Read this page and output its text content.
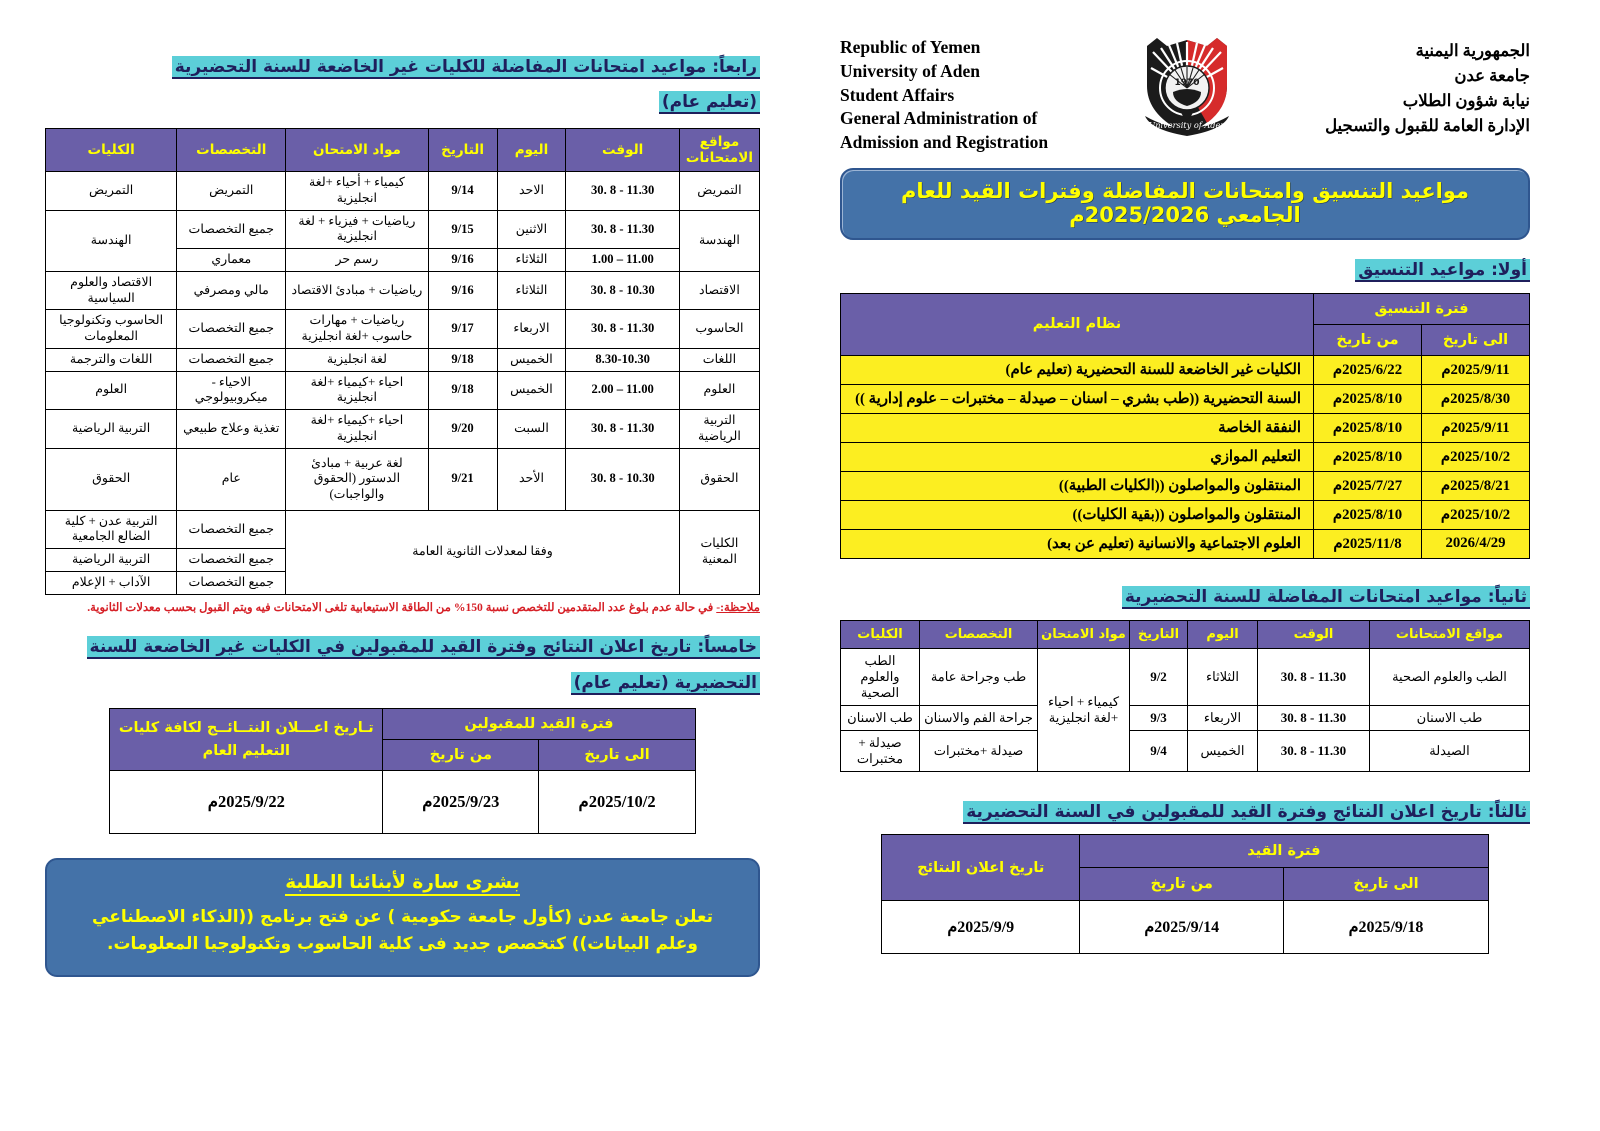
الجمهورية اليمنية
جامعة عدن
نيابة شؤون الطلاب
الإدارة العامة للقبول والتسجيل
1970
University of Aden
Republic of Yemen
University of Aden
Student Affairs
General Administration of
Admission and Registration
مواعيد التنسيق وامتحانات المفاضلة وفترات القيد للعام الجامعي 2025/2026م
أولا: مواعيد التنسيق
فترة التنسيق		نظام التعليم
الى تاريخ	من تاريخ	
2025/9/11م	2025/6/22م	الكليات غير الخاضعة للسنة التحضيرية (تعليم عام)
2025/8/30م	2025/8/10م	السنة التحضيرية ((طب بشري – اسنان – صيدلة – مختبرات – علوم إدارية ))
2025/9/11م	2025/8/10م	النفقة الخاصة
2025/10/2م	2025/8/10م	التعليم الموازي
2025/8/21م	2025/7/27م	المنتقلون والمواصلون ((الكليات الطبية))
2025/10/2م	2025/8/10م	المنتقلون والمواصلون ((بقية الكليات))
2026/4/29	2025/11/8م	العلوم الاجتماعية والانسانية (تعليم عن بعد)
ثانياً: مواعيد امتحانات المفاضلة للسنة التحضيرية
مواقع الامتحانات	الوقت	اليوم	التاريخ	مواد الامتحان	التخصصات	الكليات
الطب والعلوم الصحية	11.30 - 8 .30	الثلاثاء	9/2	كيمياء + احياء +لغة انجليزية	طب وجراحة عامة	الطب والعلوم الصحية
طب الاسنان	11.30 - 8 .30	الاربعاء	9/3		جراحة الفم والاسنان	طب الاسنان
الصيدلة	11.30 - 8 .30	الخميس	9/4		صيدلة +مختبرات	صيدلة + مختبرات
ثالثاً: تاريخ اعلان النتائج وفترة القيد للمقبولين في السنة التحضيرية
فترة القيد		تاريخ اعلان النتائج
الى تاريخ	من تاريخ	
2025/9/18م	2025/9/14م	2025/9/9م
رابعاً: مواعيد امتحانات المفاضلة للكليات غير الخاضعة للسنة التحضيرية
(تعليم عام)
مواقع الامتحانات	الوقت	اليوم	التاريخ	مواد الامتحان	التخصصات	الكليات
التمريض	11.30 - 8 .30	الاحد	9/14	كيمياء + أحياء +لغة انجليزية	التمريض	التمريض
الهندسة	11.30 - 8 .30	الاثنين	9/15	رياضيات + فيزياء + لغة انجليزية	جميع التخصصات	الهندسة
	11.00 – 1.00	الثلاثاء	9/16	رسم حر	معماري	
الاقتصاد	10.30 - 8 .30	الثلاثاء	9/16	رياضيات + مبادئ الاقتصاد	مالي ومصرفي	الاقتصاد والعلوم السياسية
الحاسوب	11.30 - 8 .30	الاربعاء	9/17	رياضيات + مهارات حاسوب +لغة انجليزية	جميع التخصصات	الحاسوب وتكنولوجيا المعلومات
اللغات	8.30-10.30	الخميس	9/18	لغة انجليزية	جميع التخصصات	اللغات والترجمة
العلوم	11.00 – 2.00	الخميس	9/18	احياء +كيمياء +لغة انجليزية	الاحياء - ميكروبيولوجي	العلوم
التربية الرياضية	11.30 - 8 .30	السبت	9/20	احياء +كيمياء +لغة انجليزية	تغذية وعلاج طبيعي	التربية الرياضية
الحقوق	10.30 - 8 .30	الأحد	9/21	لغة عربية + مبادئ الدستور (الحقوق والواجبات)	عام	الحقوق
الكليات المعنية	وفقا لمعدلات الثانوية العامة				جميع التخصصات	التربية عدن + كلية الضالع الجامعية
					جميع التخصصات	التربية الرياضية
					جميع التخصصات	الآداب + الإعلام
ملاحظة:- في حالة عدم بلوغ عدد المتقدمين للتخصص نسبة 150% من الطاقة الاستيعابية تلغى الامتحانات فيه ويتم القبول بحسب معدلات الثانوية.
خامساً: تاريخ اعلان النتائج وفترة القيد للمقبولين في الكليات غير الخاضعة للسنة
التحضيرية (تعليم عام)
فترة القيد للمقبولين		تـاريخ اعـــلان النتــائــج لكافة كليات
التعليم العام

الى تاريخ	من تاريخ	
2025/10/2م	2025/9/23م	2025/9/22م
بشرى سارة لأبنائنا الطلبة
تعلن جامعة عدن (كأول جامعة حكومية ) عن فتح برنامج ((الذكاء الاصطناعي
وعلم البيانات)) كتخصص جديد فى كلية الحاسوب وتكنولوجيا المعلومات.
